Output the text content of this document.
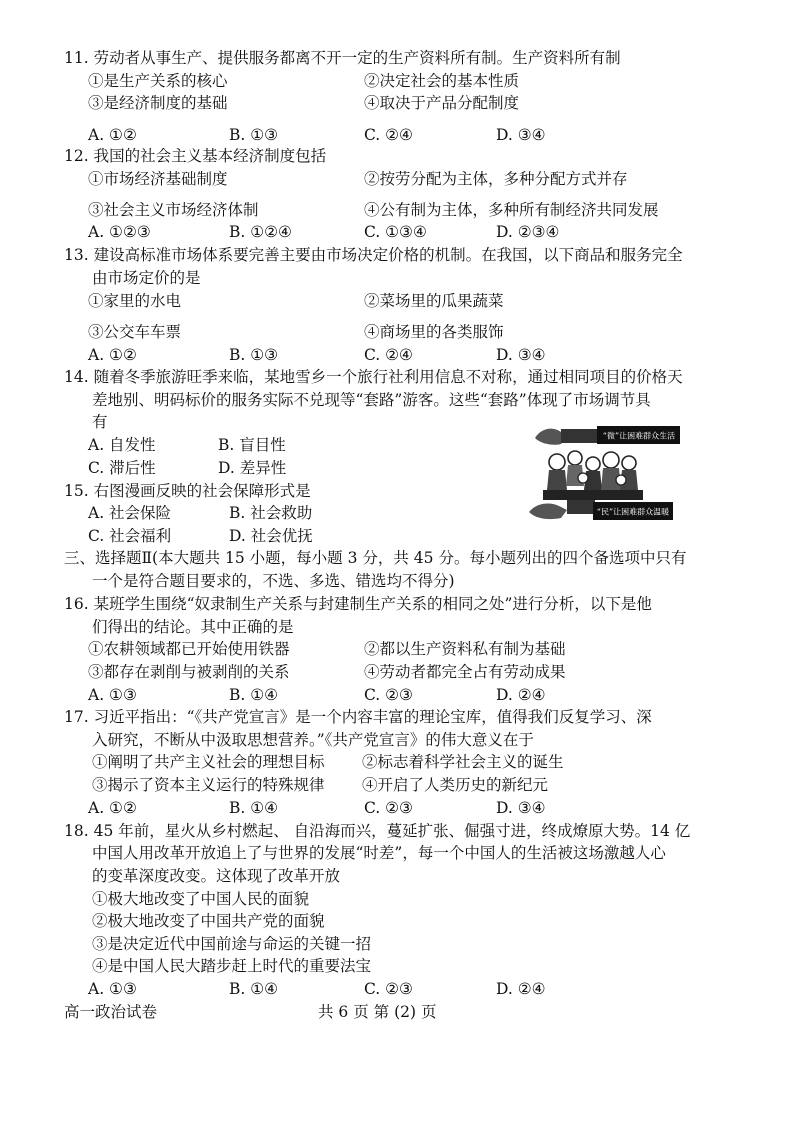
11. 劳动者从事生产、提供服务都离不开一定的生产资料所有制。生产资料所有制
①是生产关系的核心	②决定社会的基本性质
③是经济制度的基础	④取决于产品分配制度
A. ①②	B. ①③	C. ②④	D. ③④
12. 我国的社会主义基本经济制度包括
①市场经济基础制度	②按劳分配为主体，多种分配方式并存
③社会主义市场经济体制	④公有制为主体，多种所有制经济共同发展
A. ①②③	B. ①②④	C. ①③④	D. ②③④
13. 建设高标准市场体系要完善主要由市场决定价格的机制。在我国，以下商品和服务完全
由市场定价的是
①家里的水电	②菜场里的瓜果蔬菜
③公交车车票	④商场里的各类服饰
A. ①②	B. ①③	C. ②④	D. ③④
14. 随着冬季旅游旺季来临，某地雪乡一个旅行社利用信息不对称，通过相同项目的价格天
差地别、明码标价的服务实际不兑现等“套路”游客。这些“套路”体现了市场调节具
有
A. 自发性	B. 盲目性
C. 滞后性	D. 差异性
“微”让困难群众生活
“民”让困难群众温暖
15. 右图漫画反映的社会保障形式是
A. 社会保险	B. 社会救助
C. 社会福利	D. 社会优抚
三、选择题Ⅱ(本大题共 15 小题，每小题 3 分，共 45 分。每小题列出的四个备选项中只有
一个是符合题目要求的，不选、多选、错选均不得分)
16. 某班学生围绕“奴隶制生产关系与封建制生产关系的相同之处”进行分析，以下是他
们得出的结论。其中正确的是
①农耕领域都已开始使用铁器	②都以生产资料私有制为基础
③都存在剥削与被剥削的关系	④劳动者都完全占有劳动成果
A. ①③	B. ①④	C. ②③	D. ②④
17. 习近平指出：“《共产党宣言》是一个内容丰富的理论宝库，值得我们反复学习、深
入研究，不断从中汲取思想营养。”《共产党宣言》的伟大意义在于
①阐明了共产主义社会的理想目标 ②标志着科学社会主义的诞生
③揭示了资本主义运行的特殊规律 ④开启了人类历史的新纪元
A. ①②	B. ①④	C. ②③	D. ③④
18. 45 年前，星火从乡村燃起、 自沿海而兴，蔓延扩张、倔强寸进，终成燎原大势。14 亿
中国人用改革开放追上了与世界的发展“时差”，每一个中国人的生活被这场激越人心
的变革深度改变。这体现了改革开放
①极大地改变了中国人民的面貌
②极大地改变了中国共产党的面貌
③是决定近代中国前途与命运的关键一招
④是中国人民大踏步赶上时代的重要法宝
A. ①③	B. ①④	C. ②③	D. ②④
高一政治试卷	共 6 页 第 (2) 页
